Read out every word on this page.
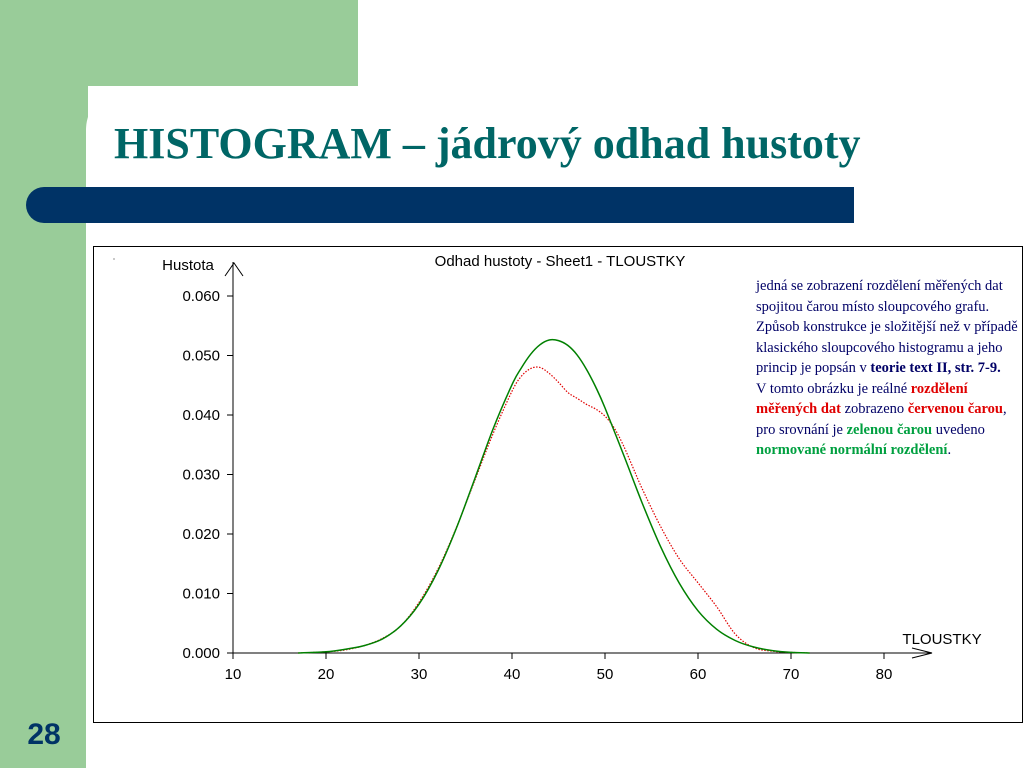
HISTOGRAM – jádrový odhad hustoty
28
0.000
0.010
0.020
0.030
0.040
0.050
0.060
10	20	30	40	50	60	70	80
Odhad hustoty - Sheet1 - TLOUSTKY
Hustota
TLOUSTKY
jedná se zobrazení rozdělení měřených dat spojitou čarou místo sloupcového grafu. Způsob konstrukce je složitější než v případě klasického sloupcového histogramu a jeho princip je popsán v teorie text II, str. 7-9.
V tomto obrázku je reálné rozdělení měřených dat zobrazeno červenou čarou, pro srovnání je zelenou čarou uvedeno normované normální rozdělení.
